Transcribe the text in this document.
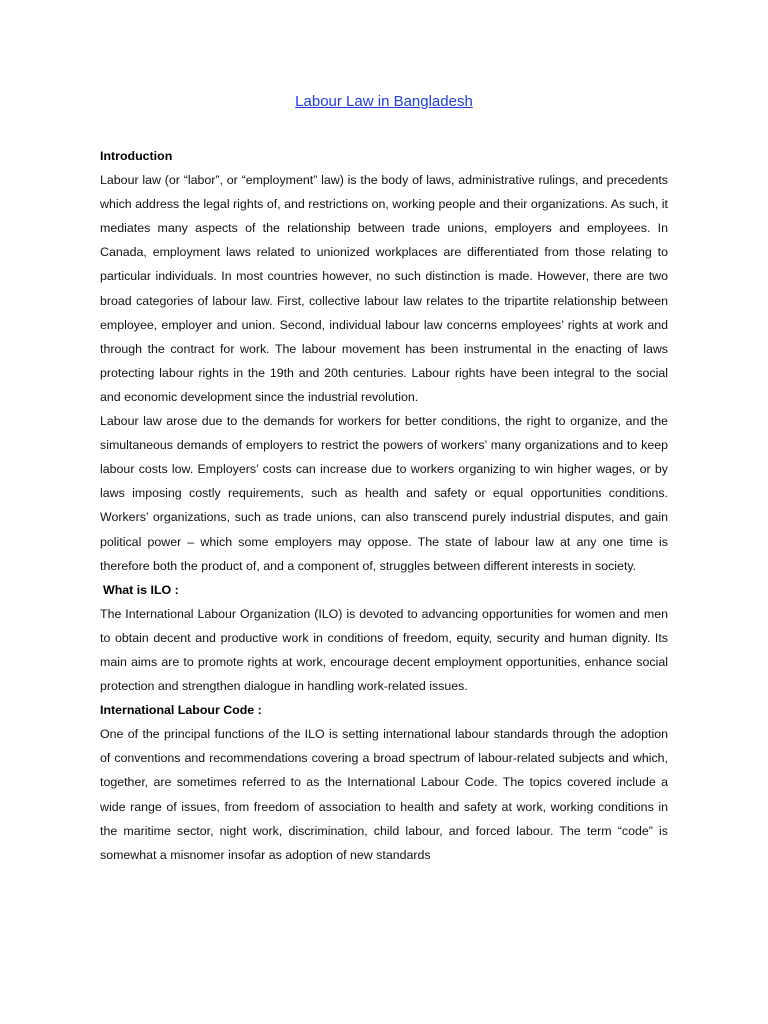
Labour Law in Bangladesh
Introduction

Labour law (or “labor”, or “employment” law) is the body of laws, administrative rulings, and precedents which address the legal rights of, and restrictions on, working people and their organizations. As such, it mediates many aspects of the relationship between trade unions, employers and employees. In Canada, employment laws related to unionized workplaces are differentiated from those relating to particular individuals. In most countries however, no such distinction is made. However, there are two broad categories of labour law. First, collective labour law relates to the tripartite relationship between employee, employer and union. Second, individual labour law concerns employees’ rights at work and through the contract for work. The labour movement has been instrumental in the enacting of laws protecting labour rights in the 19th and 20th centuries. Labour rights have been integral to the social and economic development since the industrial revolution.

Labour law arose due to the demands for workers for better conditions, the right to organize, and the simultaneous demands of employers to restrict the powers of workers’ many organizations and to keep labour costs low. Employers’ costs can increase due to workers organizing to win higher wages, or by laws imposing costly requirements, such as health and safety or equal opportunities conditions. Workers’ organizations, such as trade unions, can also transcend purely industrial disputes, and gain political power – which some employers may oppose. The state of labour law at any one time is therefore both the product of, and a component of, struggles between different interests in society.

What is ILO :

The International Labour Organization (ILO) is devoted to advancing opportunities for women and men to obtain decent and productive work in conditions of freedom, equity, security and human dignity. Its main aims are to promote rights at work, encourage decent employment opportunities, enhance social protection and strengthen dialogue in handling work-related issues.

International Labour Code :

One of the principal functions of the ILO is setting international labour standards through the adoption of conventions and recommendations covering a broad spectrum of labour-related subjects and which, together, are sometimes referred to as the International Labour Code. The topics covered include a wide range of issues, from freedom of association to health and safety at work, working conditions in the maritime sector, night work, discrimination, child labour, and forced labour. The term “code” is somewhat a misnomer insofar as adoption of new standards
